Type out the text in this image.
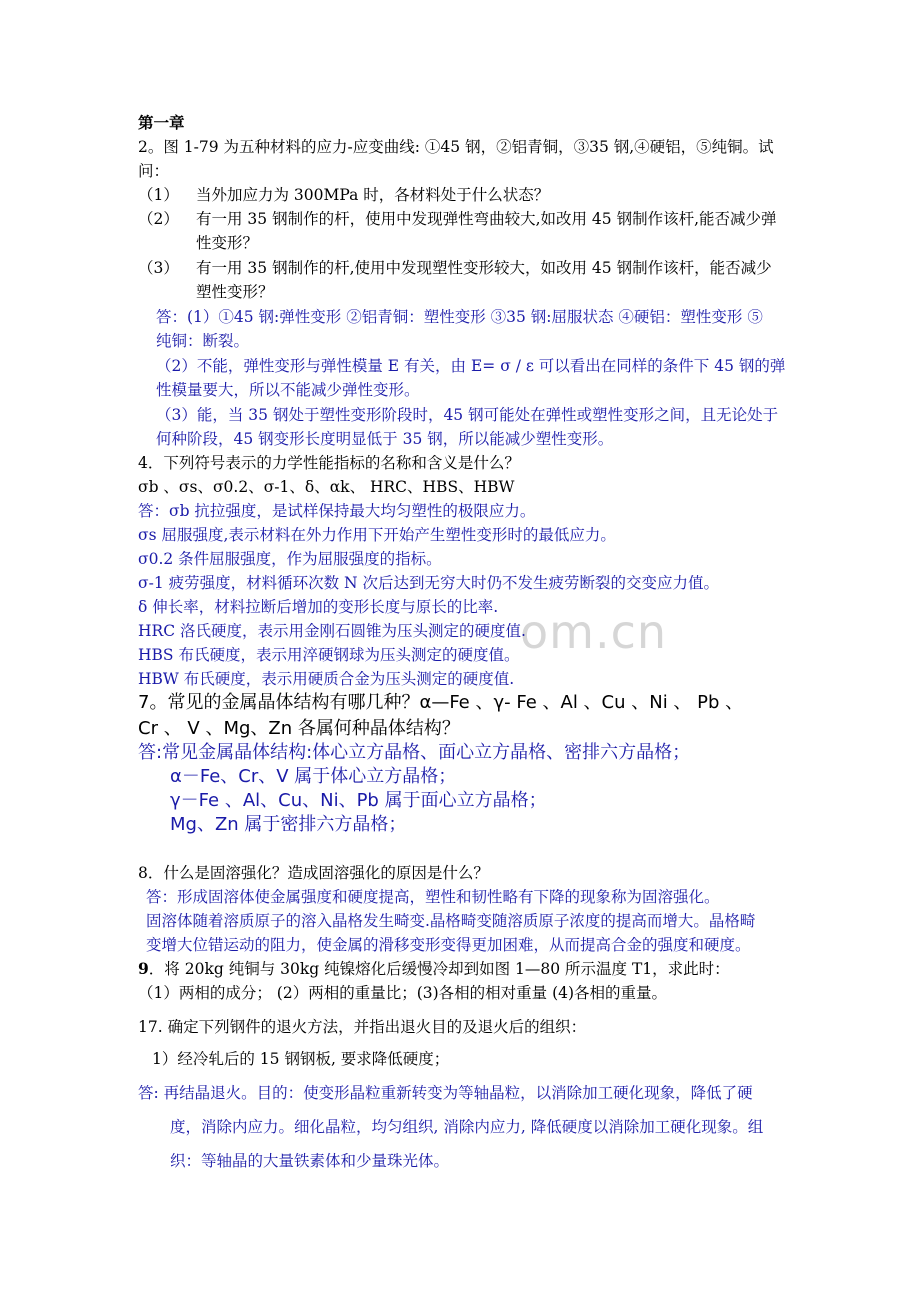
om.cn
第一章
2。图 1-79 为五种材料的应力-应变曲线: ①45 钢，②铝青铜，③35 钢,④硬铝，⑤纯铜。试
问：
（1） 当外加应力为 300MPa 时，各材料处于什么状态？
（2） 有一用 35 钢制作的杆，使用中发现弹性弯曲较大,如改用 45 钢制作该杆,能否减少弹
性变形？
（3） 有一用 35 钢制作的杆,使用中发现塑性变形较大，如改用 45 钢制作该杆，能否减少
塑性变形？
答：(1）①45 钢:弹性变形 ②铝青铜：塑性变形 ③35 钢:屈服状态 ④硬铝：塑性变形 ⑤
纯铜：断裂。
（2）不能，弹性变形与弹性模量 E 有关，由 E= σ / ε 可以看出在同样的条件下 45 钢的弹
性模量要大，所以不能减少弹性变形。
（3）能，当 35 钢处于塑性变形阶段时，45 钢可能处在弹性或塑性变形之间，且无论处于
何种阶段，45 钢变形长度明显低于 35 钢，所以能减少塑性变形。
4．下列符号表示的力学性能指标的名称和含义是什么？
σb 、σs、σ0.2、σ-1、δ、αk、 HRC、HBS、HBW
答：σb 抗拉强度，是试样保持最大均匀塑性的极限应力。
σs 屈服强度,表示材料在外力作用下开始产生塑性变形时的最低应力。
σ0.2 条件屈服强度，作为屈服强度的指标。
σ-1 疲劳强度，材料循环次数 N 次后达到无穷大时仍不发生疲劳断裂的交变应力值。
δ 伸长率，材料拉断后增加的变形长度与原长的比率.
HRC 洛氏硬度，表示用金刚石圆锥为压头测定的硬度值.
HBS 布氏硬度，表示用淬硬钢球为压头测定的硬度值。
HBW 布氏硬度，表示用硬质合金为压头测定的硬度值.
7。常见的金属晶体结构有哪几种？α—Fe 、γ- Fe 、Al 、Cu 、Ni 、 Pb 、
Cr 、 V 、Mg、Zn 各属何种晶体结构？
答:常见金属晶体结构:体心立方晶格、面心立方晶格、密排六方晶格；
α－Fe、Cr、V 属于体心立方晶格；
γ－Fe 、Al、Cu、Ni、Pb 属于面心立方晶格；
Mg、Zn 属于密排六方晶格；
8．什么是固溶强化？造成固溶强化的原因是什么？
答：形成固溶体使金属强度和硬度提高，塑性和韧性略有下降的现象称为固溶强化。
固溶体随着溶质原子的溶入晶格发生畸变.晶格畸变随溶质原子浓度的提高而增大。晶格畸
变增大位错运动的阻力，使金属的滑移变形变得更加困难，从而提高合金的强度和硬度。
9．将 20kg 纯铜与 30kg 纯镍熔化后缓慢冷却到如图 1—80 所示温度 T1，求此时：
（1）两相的成分； (2）两相的重量比；(3)各相的相对重量 (4)各相的重量。
17. 确定下列钢件的退火方法，并指出退火目的及退火后的组织：
1）经冷轧后的 15 钢钢板, 要求降低硬度；
答: 再结晶退火。目的：使变形晶粒重新转变为等轴晶粒，以消除加工硬化现象，降低了硬
度，消除内应力。细化晶粒，均匀组织, 消除内应力, 降低硬度以消除加工硬化现象。组
织：等轴晶的大量铁素体和少量珠光体。
